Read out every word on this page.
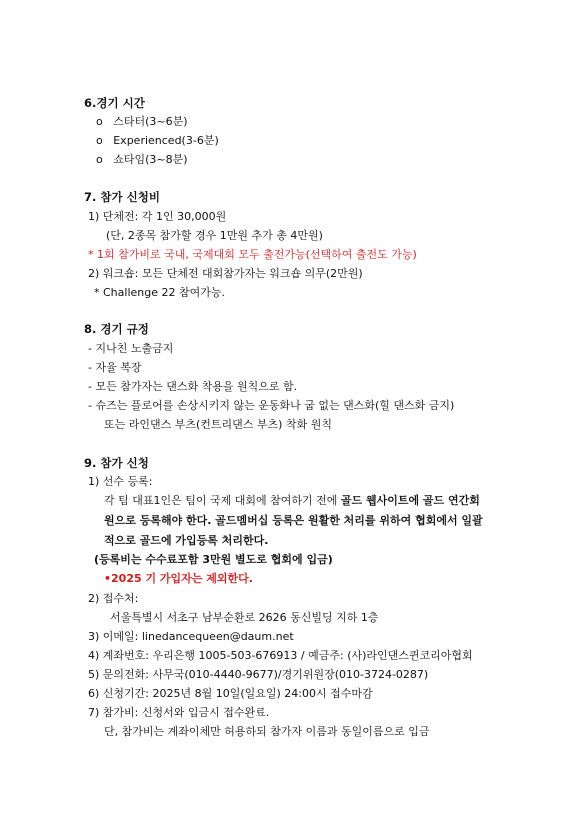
6.경기 시간
o 스타터(3~6분)
o Experienced(3-6분)
o 쇼타임(3~8분)
7. 참가 신청비
1) 단체전: 각 1인 30,000원
(단, 2종목 참가할 경우 1만원 추가 총 4만원)
* 1회 참가비로 국내, 국제대회 모두 출전가능(선택하여 출전도 가능)
2) 워크숍: 모든 단체전 대회참가자는 워크숍 의무(2만원)
* Challenge 22 참여가능.
8. 경기 규정
- 지나친 노출금지
- 자율 복장
- 모든 참가자는 댄스화 착용을 원칙으로 함.
- 슈즈는 플로어를 손상시키지 않는 운동화나 굽 없는 댄스화(힐 댄스화 금지)
또는 라인댄스 부츠(컨트리댄스 부츠) 착화 원칙
9. 참가 신청
1) 선수 등록:
각 팀 대표1인은 팀이 국제 대회에 참여하기 전에 골드 웹사이트에 골드 연간회
원으로 등록해야 한다. 골드멤버십 등록은 원활한 처리를 위하여 협회에서 일괄
적으로 골드에 가입등록 처리한다.
(등록비는 수수료포함 3만원 별도로 협회에 입금)
•2025 기 가입자는 제외한다.
2) 접수처:
서울특별시 서초구 남부순환로 2626 동신빌딩 지하 1층
3) 이메일: linedancequeen@daum.net
4) 계좌번호: 우리은행 1005-503-676913 / 예금주: (사)라인댄스퀸코리아협회
5) 문의전화: 사무국(010-4440-9677)/경기위원장(010-3724-0287)
6) 신청기간: 2025년 8월 10일(일요일) 24:00시 접수마감
7) 참가비: 신청서와 입금시 접수완료.
단, 참가비는 계좌이체만 허용하되 참가자 이름과 동일이름으로 입금
